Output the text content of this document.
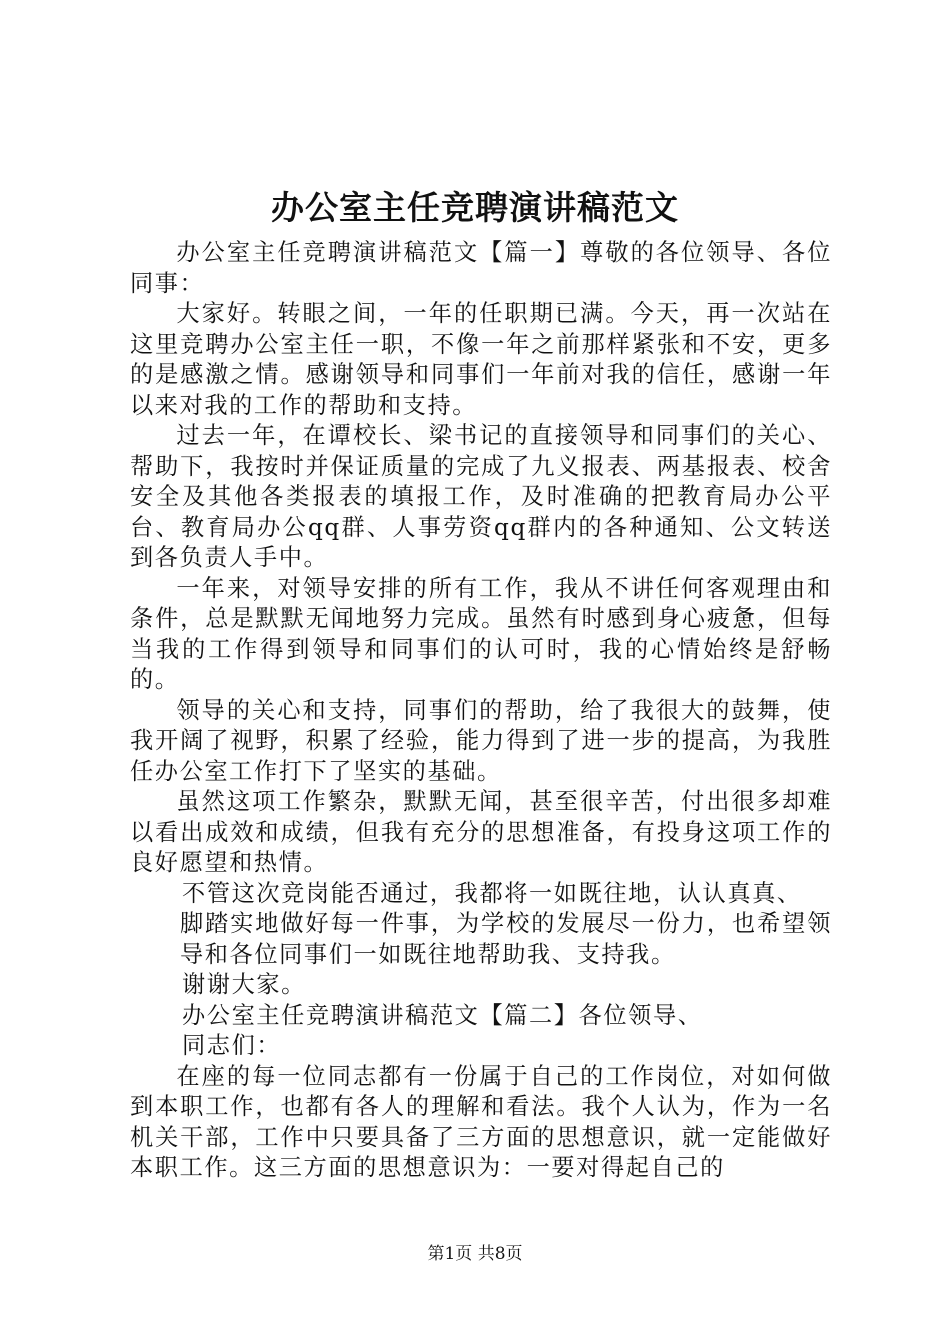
办公室主任竞聘演讲稿范文

办公室主任竞聘演讲稿范文【篇一】尊敬的各位领导、各位同事：

大家好。转眼之间，一年的任职期已满。今天，再一次站在这里竞聘办公室主任一职，不像一年之前那样紧张和不安，更多的是感激之情。感谢领导和同事们一年前对我的信任，感谢一年以来对我的工作的帮助和支持。

过去一年，在谭校长、梁书记的直接领导和同事们的关心、帮助下，我按时并保证质量的完成了九义报表、两基报表、校舍安全及其他各类报表的填报工作，及时准确的把教育局办公平台、教育局办公qq群、人事劳资qq群内的各种通知、公文转送到各负责人手中。

一年来，对领导安排的所有工作，我从不讲任何客观理由和条件，总是默默无闻地努力完成。虽然有时感到身心疲惫，但每当我的工作得到领导和同事们的认可时，我的心情始终是舒畅的。

领导的关心和支持，同事们的帮助，给了我很大的鼓舞，使我开阔了视野，积累了经验，能力得到了进一步的提高，为我胜任办公室工作打下了坚实的基础。

虽然这项工作繁杂，默默无闻，甚至很辛苦，付出很多却难以看出成效和成绩，但我有充分的思想准备，有投身这项工作的良好愿望和热情。

不管这次竞岗能否通过，我都将一如既往地，认认真真、

脚踏实地做好每一件事，为学校的发展尽一份力，也希望领导和各位同事们一如既往地帮助我、支持我。

谢谢大家。

办公室主任竞聘演讲稿范文【篇二】各位领导、

同志们：

在座的每一位同志都有一份属于自己的工作岗位，对如何做到本职工作，也都有各人的理解和看法。我个人认为，作为一名机关干部，工作中只要具备了三方面的思想意识，就一定能做好本职工作。这三方面的思想意识为：一要对得起自己的

第1页 共8页
